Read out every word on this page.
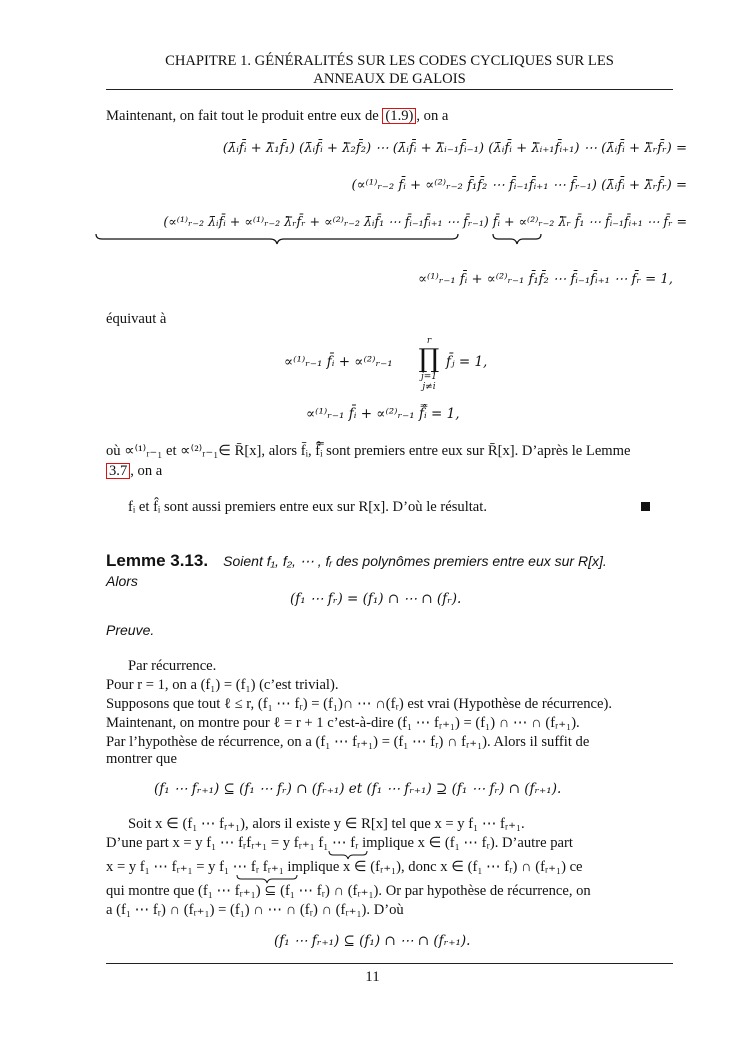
CHAPITRE 1. GÉNÉRALITÉS SUR LES CODES CYCLIQUES SUR LES
ANNEAUX DE GALOIS
Maintenant, on fait tout le produit entre eux de (1.9) , on a
(λ̄ᵢf̄ᵢ + λ̿₁f̄₁) (λ̄ᵢf̄ᵢ + λ̿₂f̄₂) ⋯ (λ̄ᵢf̄ᵢ + λ̿ᵢ₋₁f̄ᵢ₋₁) (λ̄ᵢf̄ᵢ + λ̿ᵢ₊₁f̄ᵢ₊₁) ⋯ (λ̄ᵢf̄ᵢ + λ̿ᵣf̄ᵣ) =
(∝⁽¹⁾ᵣ₋₂ f̄ᵢ + ∝⁽²⁾ᵣ₋₂ f̄₁f̄₂ ⋯ f̄ᵢ₋₁f̄ᵢ₊₁ ⋯ f̄ᵣ₋₁) (λ̄ᵢf̄ᵢ + λ̿ᵣf̄ᵣ) =
(∝⁽¹⁾ᵣ₋₂ λ̄ᵢf̄ᵢ + ∝⁽¹⁾ᵣ₋₂ λ̿ᵣf̄ᵣ + ∝⁽²⁾ᵣ₋₂ λ̄ᵢf̄₁ ⋯ f̄ᵢ₋₁f̄ᵢ₊₁ ⋯ f̄ᵣ₋₁) f̄ᵢ + ∝⁽²⁾ᵣ₋₂ λ̿ᵣ f̄₁ ⋯ f̄ᵢ₋₁f̄ᵢ₊₁ ⋯ f̄ᵣ =
∝⁽¹⁾ᵣ₋₁ f̄ᵢ + ∝⁽²⁾ᵣ₋₁ f̄₁f̄₂ ⋯ f̄ᵢ₋₁f̄ᵢ₊₁ ⋯ f̄ᵣ = 1,
équivaut à
∝⁽¹⁾ᵣ₋₁ f̄ᵢ + ∝⁽²⁾ᵣ₋₁
r
∏
j=1
j≠i
f̄ⱼ = 1,
∝⁽¹⁾ᵣ₋₁ f̄ᵢ + ∝⁽²⁾ᵣ₋₁ f̿̂ᵢ = 1,
où ∝⁽¹⁾ᵣ₋₁ et ∝⁽²⁾ᵣ₋₁∈ R̄[x], alors f̄ᵢ, f̿̂ᵢ sont premiers entre eux sur R̄[x]. D’après le Lemme
3.7 , on a
fᵢ et f̂ᵢ sont aussi premiers entre eux sur R[x]. D’où le résultat.
Lemme 3.13. Soient f₁, f₂, ⋯ , fᵣ des polynômes premiers entre eux sur R[x].
Alors
(f₁ ⋯ fᵣ) = (f₁) ∩ ⋯ ∩ (fᵣ).
Preuve.
Par récurrence.
Pour r = 1, on a (f₁) = (f₁) (c’est trivial).
Supposons que tout ℓ ≤ r, (f₁ ⋯ fᵣ) = (f₁)∩ ⋯ ∩(fᵣ) est vrai (Hypothèse de récurrence).
Maintenant, on montre pour ℓ = r + 1 c’est-à-dire (f₁ ⋯ fᵣ₊₁) = (f₁) ∩ ⋯ ∩ (fᵣ₊₁).
Par l’hypothèse de récurrence, on a (f₁ ⋯ fᵣ₊₁) = (f₁ ⋯ fᵣ) ∩ fᵣ₊₁). Alors il suffit de
montrer que
(f₁ ⋯ fᵣ₊₁) ⊆ (f₁ ⋯ fᵣ) ∩ (fᵣ₊₁) et (f₁ ⋯ fᵣ₊₁) ⊇ (f₁ ⋯ fᵣ) ∩ (fᵣ₊₁).
Soit x ∈ (f₁ ⋯ fᵣ₊₁), alors il existe y ∈ R[x] tel que x = y f₁ ⋯ fᵣ₊₁.
D’une part x = y f₁ ⋯ fᵣfᵣ₊₁ = y fᵣ₊₁ f₁ ⋯ fᵣ implique x ∈ (f₁ ⋯ fᵣ). D’autre part
x = y f₁ ⋯ fᵣ₊₁ = y f₁ ⋯ fᵣ fᵣ₊₁ implique x ∈ (fᵣ₊₁), donc x ∈ (f₁ ⋯ fᵣ) ∩ (fᵣ₊₁) ce
qui montre que (f₁ ⋯ fᵣ₊₁) ⊆ (f₁ ⋯ fᵣ) ∩ (fᵣ₊₁). Or par hypothèse de récurrence, on
a (f₁ ⋯ fᵣ) ∩ (fᵣ₊₁) = (f₁) ∩ ⋯ ∩ (fᵣ) ∩ (fᵣ₊₁). D’où
(f₁ ⋯ fᵣ₊₁) ⊆ (f₁) ∩ ⋯ ∩ (fᵣ₊₁).
11
